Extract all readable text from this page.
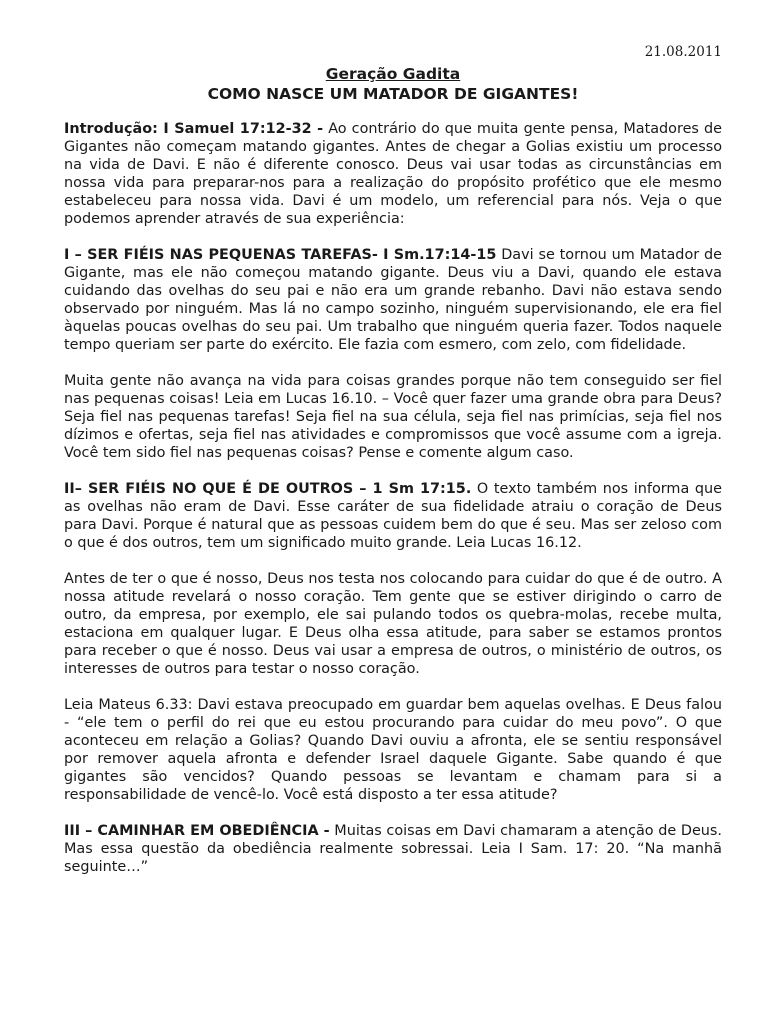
21.08.2011
Geração Gadita
COMO NASCE UM MATADOR DE GIGANTES!

Introdução: I Samuel 17:12-32 - Ao contrário do que muita gente pensa, Matadores de Gigantes não começam matando gigantes. Antes de chegar a Golias existiu um processo na vida de Davi. E não é diferente conosco. Deus vai usar todas as circunstâncias em nossa vida para preparar-nos para a realização do propósito profético que ele mesmo estabeleceu para nossa vida. Davi é um modelo, um referencial para nós. Veja o que podemos aprender através de sua experiência:

I – SER FIÉIS NAS PEQUENAS TAREFAS- I Sm.17:14-15 Davi se tornou um Matador de Gigante, mas ele não começou matando gigante. Deus viu a Davi, quando ele estava cuidando das ovelhas do seu pai e não era um grande rebanho. Davi não estava sendo observado por ninguém. Mas lá no campo sozinho, ninguém supervisionando, ele era fiel àquelas poucas ovelhas do seu pai. Um trabalho que ninguém queria fazer. Todos naquele tempo queriam ser parte do exército. Ele fazia com esmero, com zelo, com fidelidade.

Muita gente não avança na vida para coisas grandes porque não tem conseguido ser fiel nas pequenas coisas! Leia em Lucas 16.10. – Você quer fazer uma grande obra para Deus? Seja fiel nas pequenas tarefas! Seja fiel na sua célula, seja fiel nas primícias, seja fiel nos dízimos e ofertas, seja fiel nas atividades e compromissos que você assume com a igreja. Você tem sido fiel nas pequenas coisas? Pense e comente algum caso.

II– SER FIÉIS NO QUE É DE OUTROS – 1 Sm 17:15. O texto também nos informa que as ovelhas não eram de Davi. Esse caráter de sua fidelidade atraiu o coração de Deus para Davi. Porque é natural que as pessoas cuidem bem do que é seu. Mas ser zeloso com o que é dos outros, tem um significado muito grande. Leia Lucas 16.12.

Antes de ter o que é nosso, Deus nos testa nos colocando para cuidar do que é de outro. A nossa atitude revelará o nosso coração. Tem gente que se estiver dirigindo o carro de outro, da empresa, por exemplo, ele sai pulando todos os quebra-molas, recebe multa, estaciona em qualquer lugar. E Deus olha essa atitude, para saber se estamos prontos para receber o que é nosso. Deus vai usar a empresa de outros, o ministério de outros, os interesses de outros para testar o nosso coração.

Leia Mateus 6.33: Davi estava preocupado em guardar bem aquelas ovelhas. E Deus falou - “ele tem o perfil do rei que eu estou procurando para cuidar do meu povo”. O que aconteceu em relação a Golias? Quando Davi ouviu a afronta, ele se sentiu responsável por remover aquela afronta e defender Israel daquele Gigante. Sabe quando é que gigantes são vencidos? Quando pessoas se levantam e chamam para si a responsabilidade de vencê-lo. Você está disposto a ter essa atitude?

III – CAMINHAR EM OBEDIÊNCIA - Muitas coisas em Davi chamaram a atenção de Deus. Mas essa questão da obediência realmente sobressai. Leia I Sam. 17: 20. “Na manhã seguinte…”
